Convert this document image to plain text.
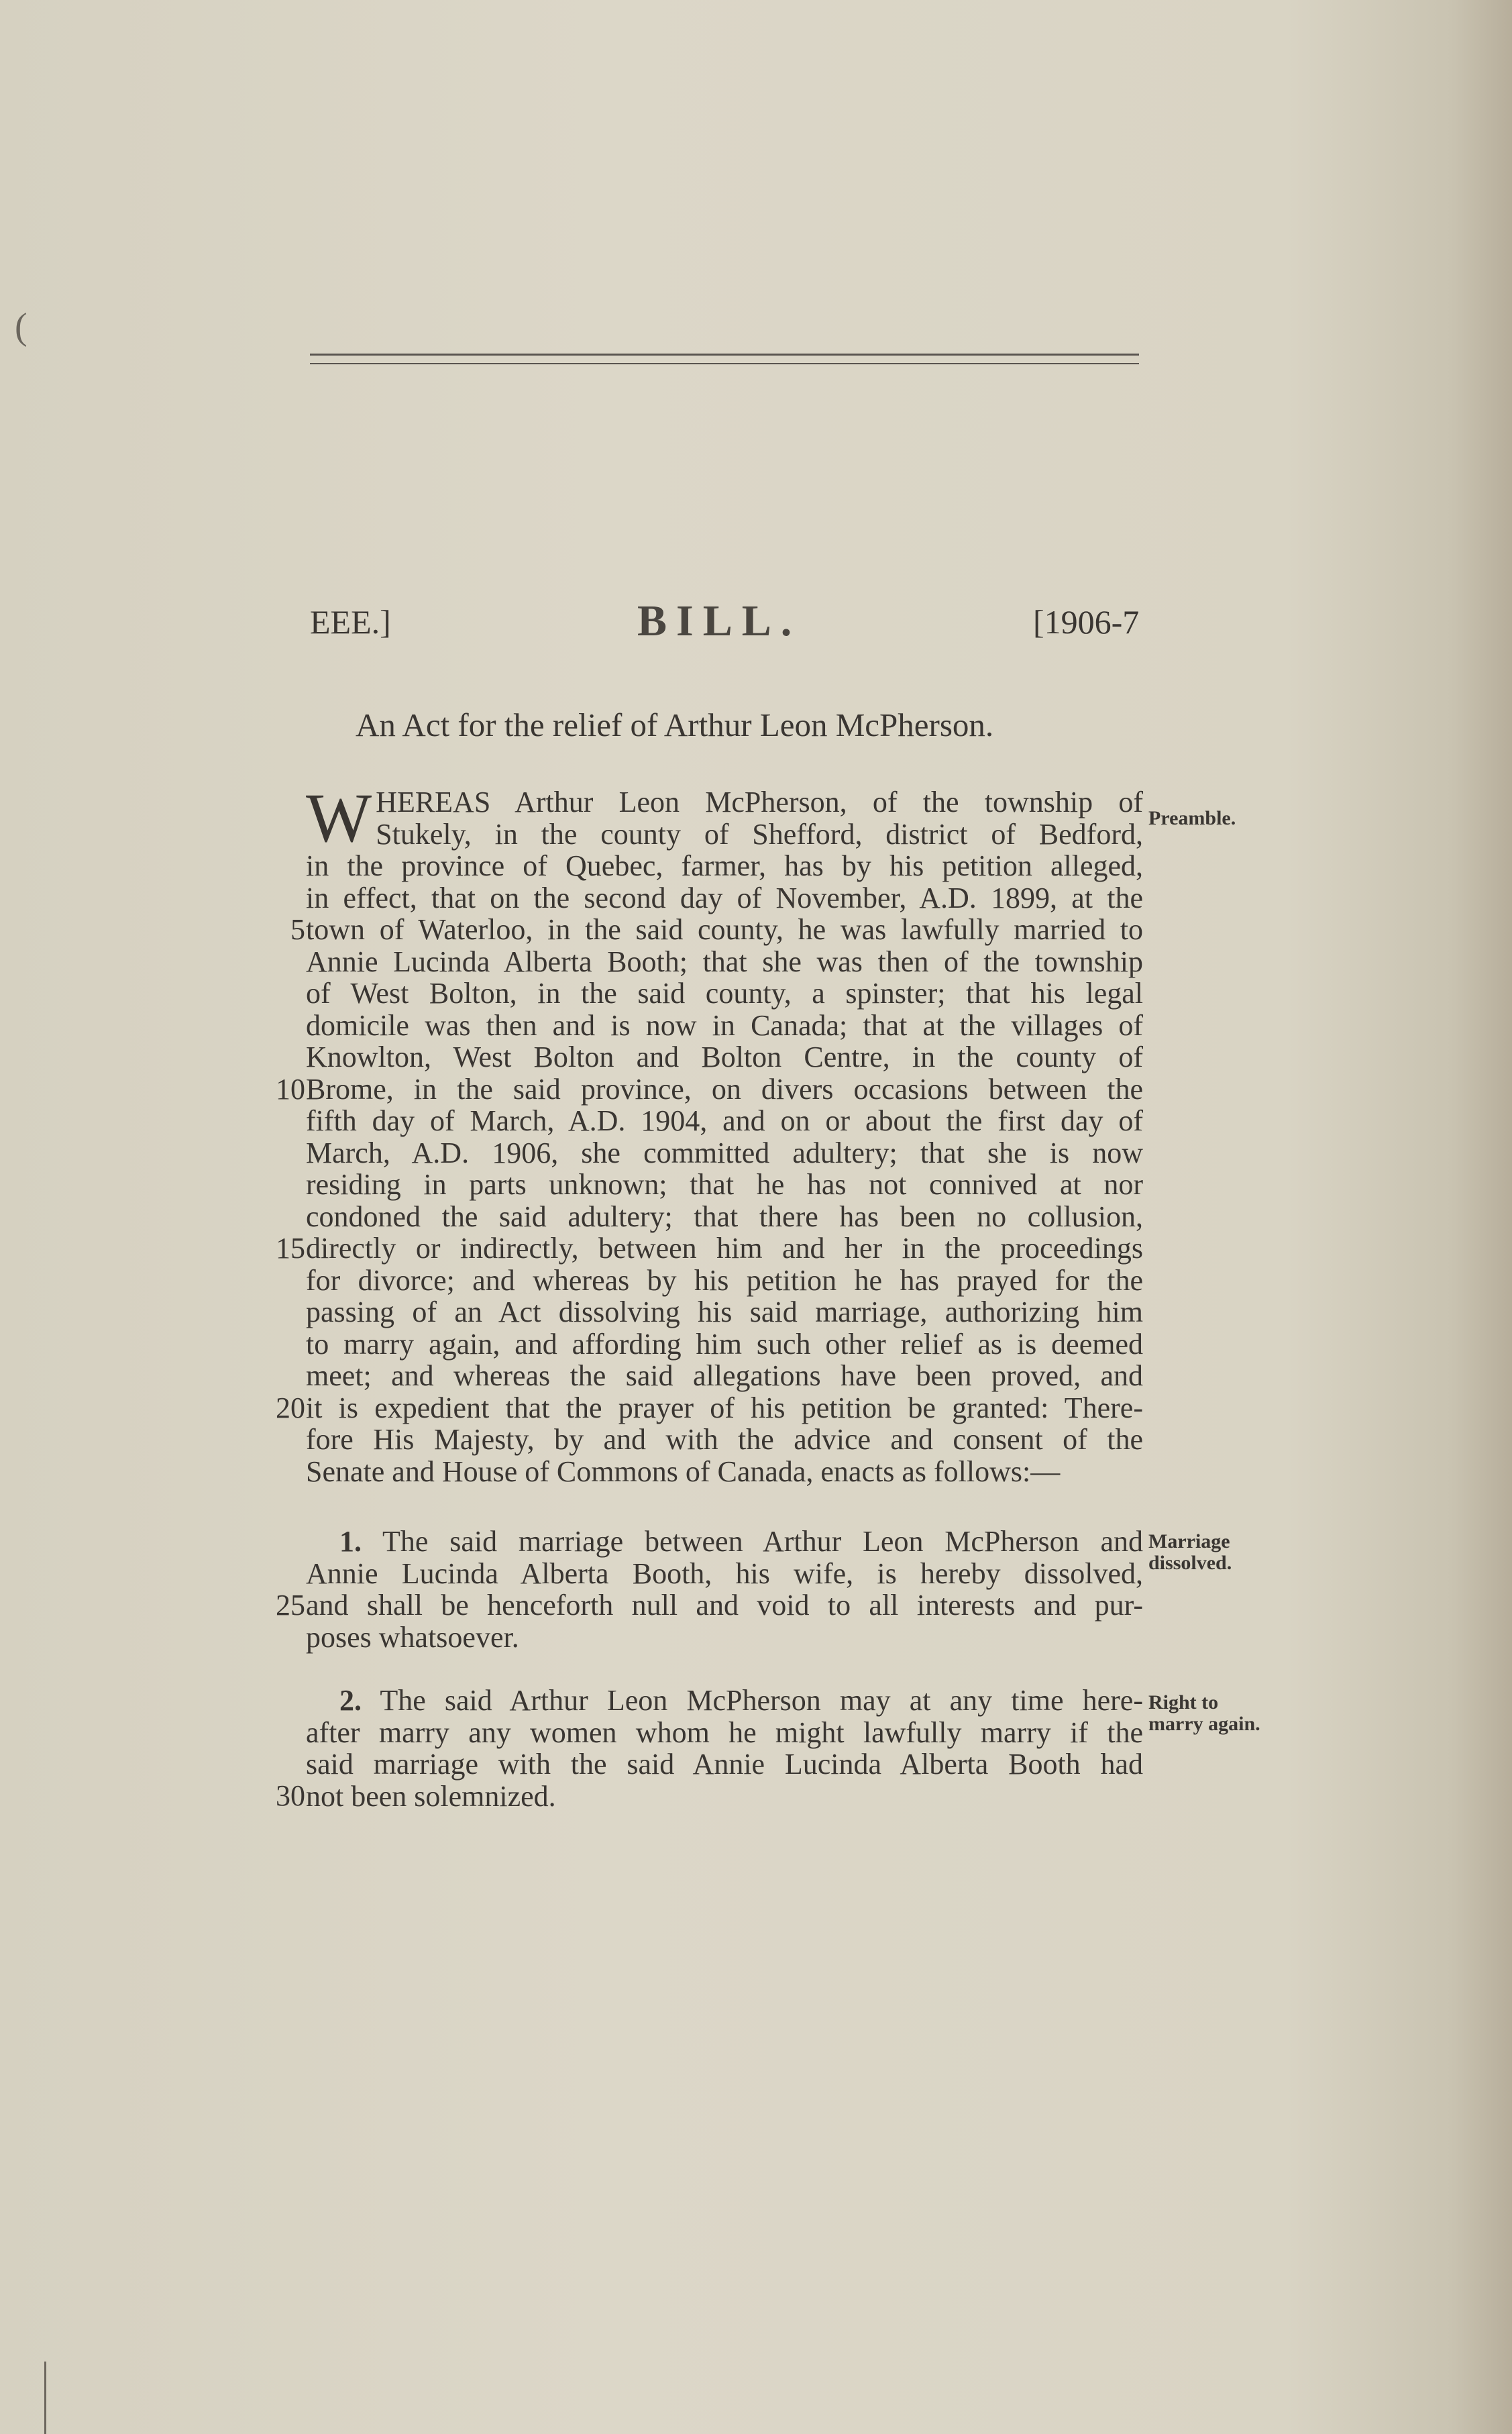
(
EEE.]	BILL.	[1906-7
An Act for the relief of Arthur Leon McPherson.
W HEREAS Arthur Leon McPherson, of the township of
Stukely, in the county of Shefford, district of Bedford,
in the province of Quebec, farmer, has by his petition alleged,
in effect, that on the second day of November, A.D. 1899, at the
town of Waterloo, in the said county, he was lawfully married to
Annie Lucinda Alberta Booth; that she was then of the township
of West Bolton, in the said county, a spinster; that his legal
domicile was then and is now in Canada; that at the villages of
Knowlton, West Bolton and Bolton Centre, in the county of
Brome, in the said province, on divers occasions between the
fifth day of March, A.D. 1904, and on or about the first day of
March, A.D. 1906, she committed adultery; that she is now
residing in parts unknown; that he has not connived at nor
condoned the said adultery; that there has been no collusion,
directly or indirectly, between him and her in the proceedings
for divorce; and whereas by his petition he has prayed for the
passing of an Act dissolving his said marriage, authorizing him
to marry again, and affording him such other relief as is deemed
meet; and whereas the said allegations have been proved, and
it is expedient that the prayer of his petition be granted: There-
fore His Majesty, by and with the advice and consent of the
Senate and House of Commons of Canada, enacts as follows:—
Preamble.
1. The said marriage between Arthur Leon McPherson and
Annie Lucinda Alberta Booth, his wife, is hereby dissolved,
and shall be henceforth null and void to all interests and pur-
poses whatsoever.
Marriage
dissolved.
2. The said Arthur Leon McPherson may at any time here-
after marry any women whom he might lawfully marry if the
said marriage with the said Annie Lucinda Alberta Booth had
not been solemnized.
Right to
marry again.
5
10
15
20
25
30
